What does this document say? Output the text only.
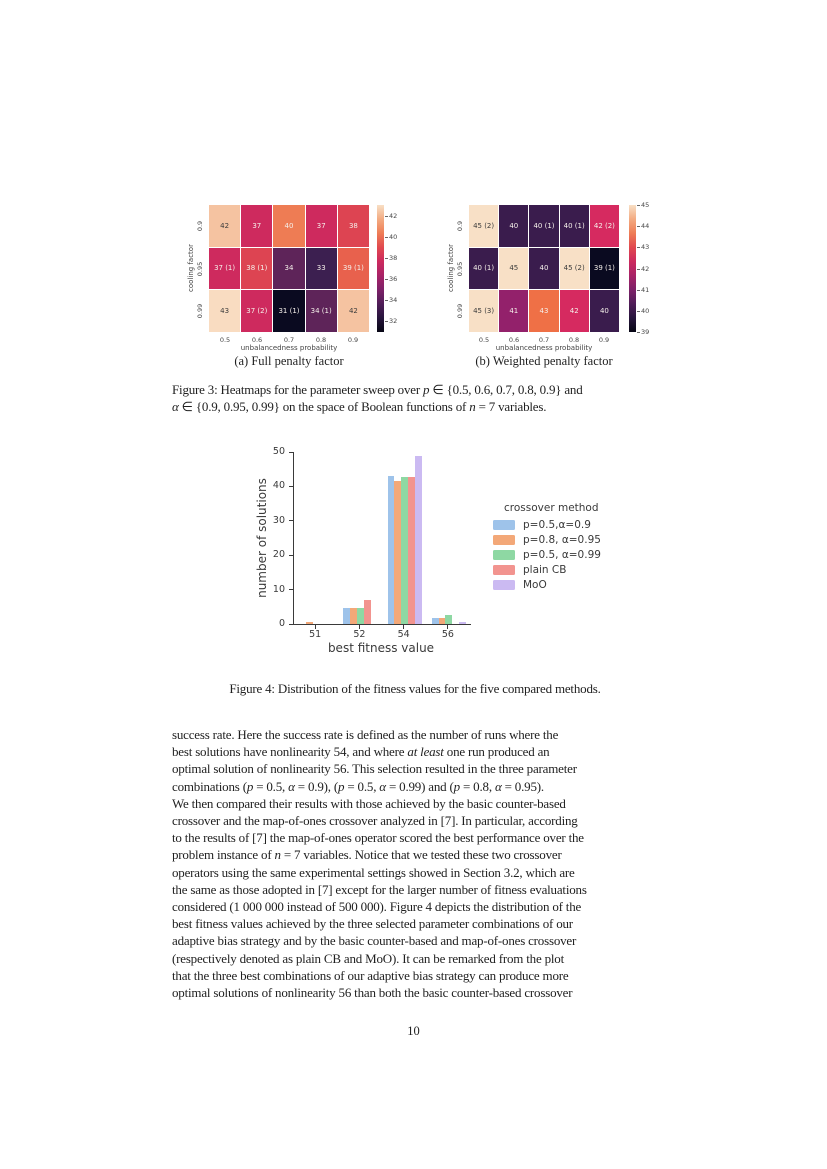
cooling factor
42	37	40	37	38
37 (1)	38 (1)	34	33	39 (1)
43	37 (2)	31 (1)	34 (1)	42
unbalancedness probability
(a) Full penalty factor
0.9
0.95
0.99
0.5	0.6	0.7	0.8	0.9
42
40
38
36
34
32
cooling factor
45 (2)	40	40 (1)	40 (1)	42 (2)
40 (1)	45	40	45 (2)	39 (1)
45 (3)	41	43	42	40
unbalancedness probability
(b) Weighted penalty factor
0.9
0.95
0.99
0.5	0.6	0.7	0.8	0.9
45
44
43
42
41
40
39
Figure 3: Heatmaps for the parameter sweep over p ∈ {0.5, 0.6, 0.7, 0.8, 0.9} and
α ∈ {0.9, 0.95, 0.99} on the space of Boolean functions of n = 7 variables.
number of solutions
best fitness value
crossover method
p=0.5,α=0.9
p=0.8, α=0.95
p=0.5, α=0.99
plain CB
MoO
0
10
20
30
40
50
51	52	54	56
Figure 4: Distribution of the fitness values for the five compared methods.
success rate. Here the success rate is defined as the number of runs where the
best solutions have nonlinearity 54, and where at least one run produced an
optimal solution of nonlinearity 56. This selection resulted in the three parameter
combinations (p = 0.5, α = 0.9), (p = 0.5, α = 0.99) and (p = 0.8, α = 0.95).
We then compared their results with those achieved by the basic counter-based
crossover and the map-of-ones crossover analyzed in [7]. In particular, according
to the results of [7] the map-of-ones operator scored the best performance over the
problem instance of n = 7 variables. Notice that we tested these two crossover
operators using the same experimental settings showed in Section 3.2, which are
the same as those adopted in [7] except for the larger number of fitness evaluations
considered (1 000 000 instead of 500 000). Figure 4 depicts the distribution of the
best fitness values achieved by the three selected parameter combinations of our
adaptive bias strategy and by the basic counter-based and map-of-ones crossover
(respectively denoted as plain CB and MoO). It can be remarked from the plot
that the three best combinations of our adaptive bias strategy can produce more
optimal solutions of nonlinearity 56 than both the basic counter-based crossover
10
